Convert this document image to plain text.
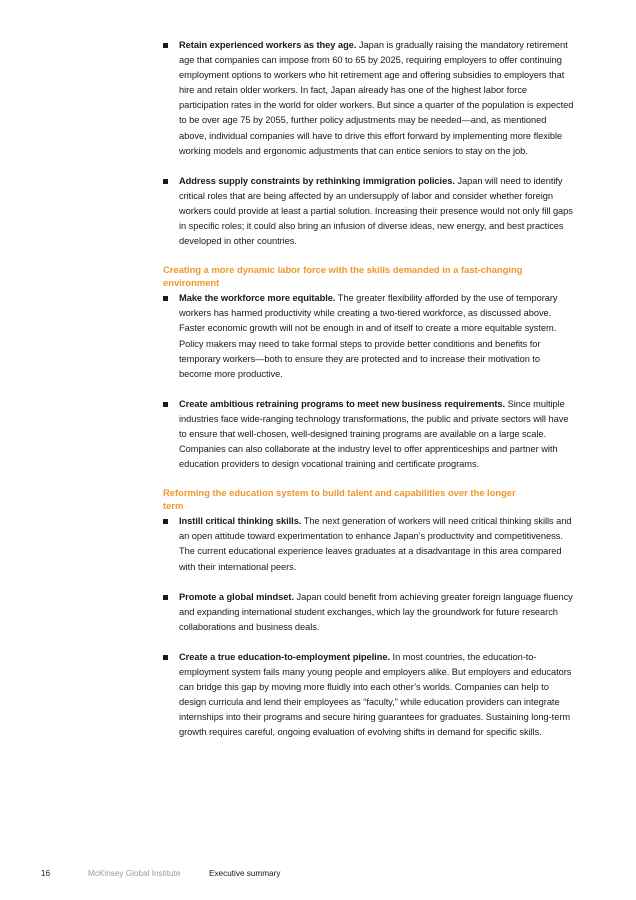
Retain experienced workers as they age. Japan is gradually raising the mandatory retirement age that companies can impose from 60 to 65 by 2025, requiring employers to offer continuing employment options to workers who hit retirement age and offering subsidies to employers that hire and retain older workers. In fact, Japan already has one of the highest labor force participation rates in the world for older workers. But since a quarter of the population is expected to be over age 75 by 2055, further policy adjustments may be needed—and, as mentioned above, individual companies will have to drive this effort forward by implementing more flexible working models and ergonomic adjustments that can entice seniors to stay on the job.
Address supply constraints by rethinking immigration policies. Japan will need to identify critical roles that are being affected by an undersupply of labor and consider whether foreign workers could provide at least a partial solution. Increasing their presence would not only fill gaps in specific roles; it could also bring an infusion of diverse ideas, new energy, and best practices developed in other countries.
Creating a more dynamic labor force with the skills demanded in a fast-changing environment
Make the workforce more equitable. The greater flexibility afforded by the use of temporary workers has harmed productivity while creating a two-tiered workforce, as discussed above. Faster economic growth will not be enough in and of itself to create a more equitable system. Policy makers may need to take formal steps to provide better conditions and benefits for temporary workers—both to ensure they are protected and to increase their motivation to become more productive.
Create ambitious retraining programs to meet new business requirements. Since multiple industries face wide-ranging technology transformations, the public and private sectors will have to ensure that well-chosen, well-designed training programs are available on a large scale. Companies can also collaborate at the industry level to offer apprenticeships and partner with education providers to design vocational training and certificate programs.
Reforming the education system to build talent and capabilities over the longer term
Instill critical thinking skills. The next generation of workers will need critical thinking skills and an open attitude toward experimentation to enhance Japan’s productivity and competitiveness. The current educational experience leaves graduates at a disadvantage in this area compared with their international peers.
Promote a global mindset. Japan could benefit from achieving greater foreign language fluency and expanding international student exchanges, which lay the groundwork for future research collaborations and business deals.
Create a true education-to-employment pipeline. In most countries, the education-to-employment system fails many young people and employers alike. But employers and educators can bridge this gap by moving more fluidly into each other’s worlds. Companies can help to design curricula and lend their employees as “faculty,” while education providers can integrate internships into their programs and secure hiring guarantees for graduates. Sustaining long-term growth requires careful, ongoing evaluation of evolving shifts in demand for specific skills.
16	McKinsey Global Institute	Executive summary
